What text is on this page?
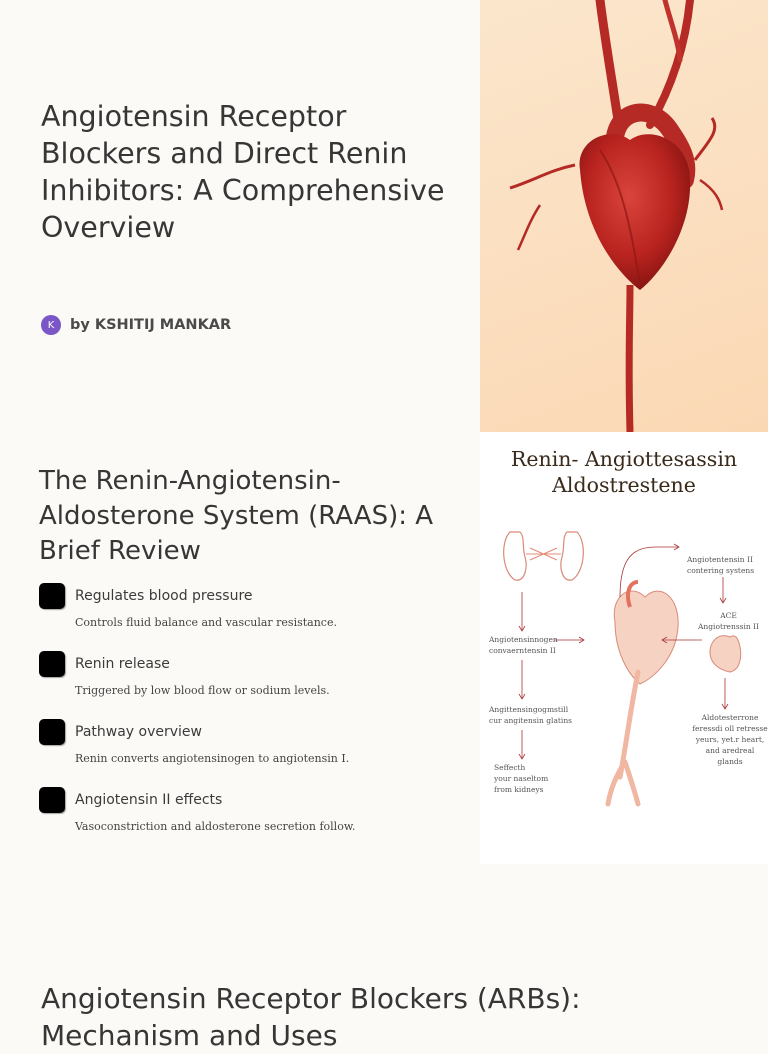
Angiotensin Receptor Blockers and Direct Renin Inhibitors: A Comprehensive Overview
K	by KSHITIJ MANKAR
The Renin-Angiotensin-Aldosterone System (RAAS): A Brief Review
Regulates blood pressure
Controls fluid balance and vascular resistance.
Renin release
Triggered by low blood flow or sodium levels.
Pathway overview
Renin converts angiotensinogen to angiotensin I.
Angiotensin II effects
Vasoconstriction and aldosterone secretion follow.
Renin- Angiottesassin
Aldostrestene
Angiotentensin II
contering systens
ACE
Angiotrenssin II
Angiotensinnogen
convaerntensin II
Angittensingogmstill
cur angitensin glatins	Aldotesterrone
feressdi oll retresse
yeurs, yet.r heart,
and aredreal glands
Seffecth
your naseltom
from kidneys
Angiotensin Receptor Blockers (ARBs): Mechanism and Uses
